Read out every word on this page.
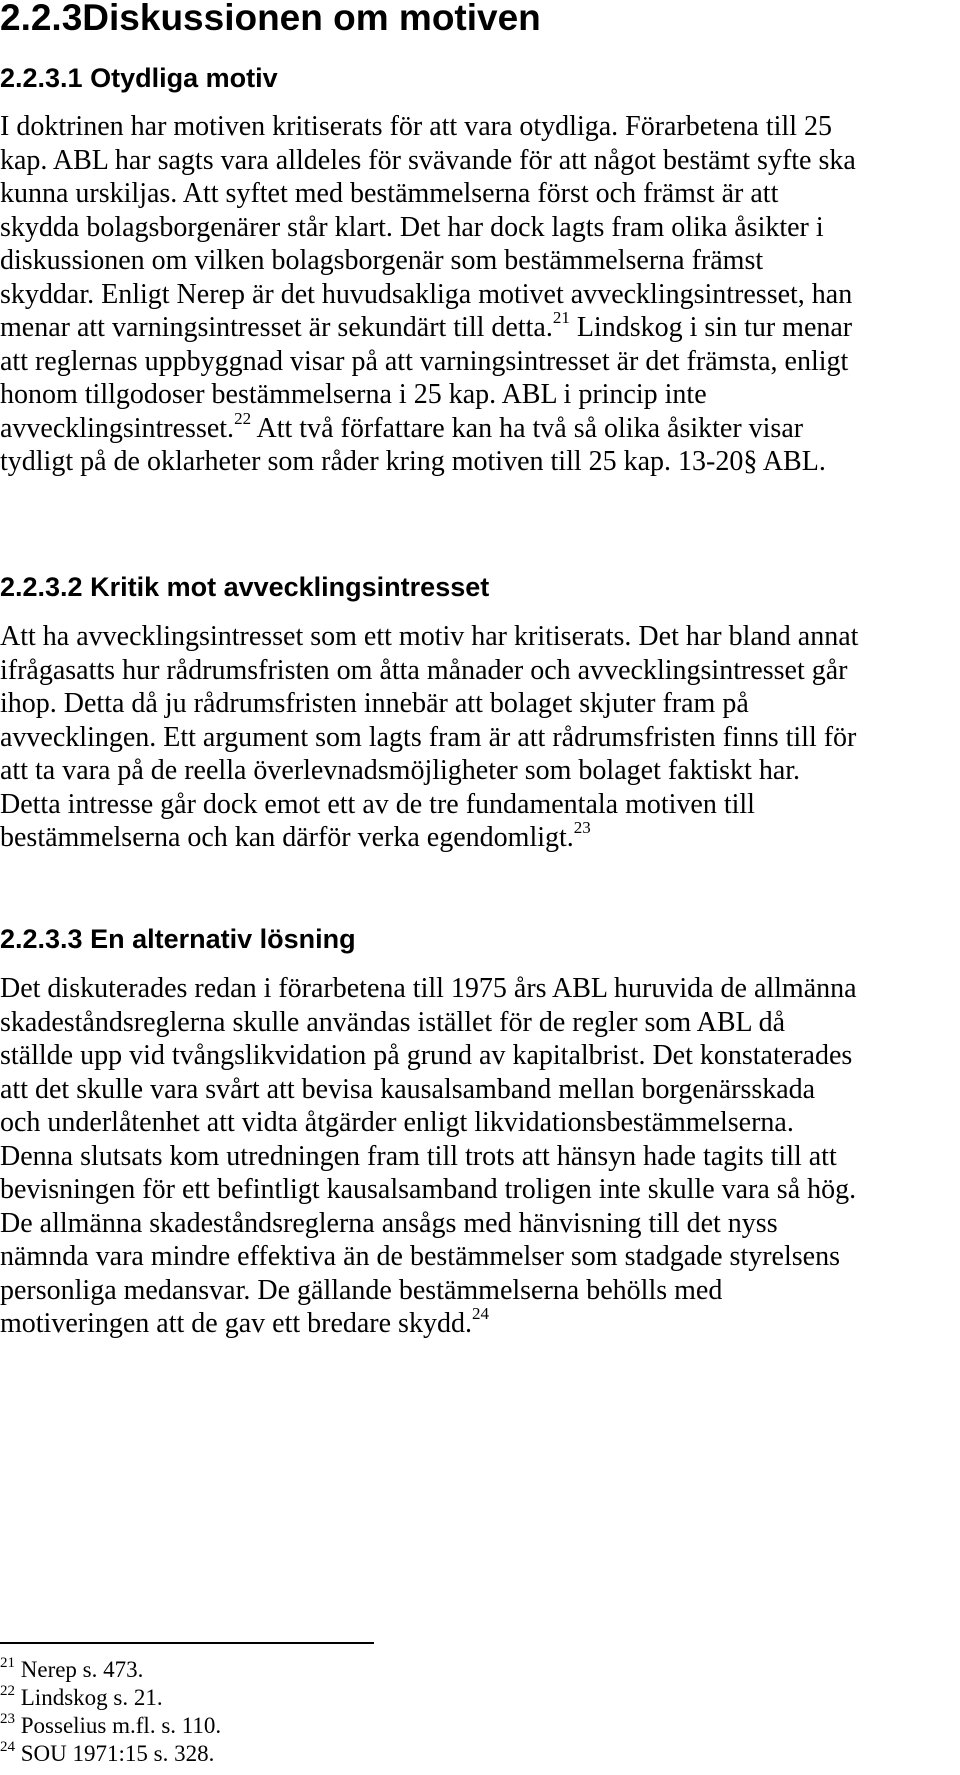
2.2.3Diskussionen om motiven
2.2.3.1 Otydliga motiv
I doktrinen har motiven kritiserats för att vara otydliga. Förarbetena till 25
kap. ABL har sagts vara alldeles för svävande för att något bestämt syfte ska
kunna urskiljas. Att syftet med bestämmelserna först och främst är att
skydda bolagsborgenärer står klart. Det har dock lagts fram olika åsikter i
diskussionen om vilken bolagsborgenär som bestämmelserna främst
skyddar. Enligt Nerep är det huvudsakliga motivet avvecklingsintresset, han
menar att varningsintresset är sekundärt till detta.$^{21}$ Lindskog i sin tur menar
att reglernas uppbyggnad visar på att varningsintresset är det främsta, enligt
honom tillgodoser bestämmelserna i 25 kap. ABL i princip inte
avvecklingsintresset.$^{22}$ Att två författare kan ha två så olika åsikter visar
tydligt på de oklarheter som råder kring motiven till 25 kap. 13-20§ ABL.
2.2.3.2 Kritik mot avvecklingsintresset
Att ha avvecklingsintresset som ett motiv har kritiserats. Det har bland annat
ifrågasatts hur rådrumsfristen om åtta månader och avvecklingsintresset går
ihop. Detta då ju rådrumsfristen innebär att bolaget skjuter fram på
avvecklingen. Ett argument som lagts fram är att rådrumsfristen finns till för
att ta vara på de reella överlevnadsmöjligheter som bolaget faktiskt har.
Detta intresse går dock emot ett av de tre fundamentala motiven till
bestämmelserna och kan därför verka egendomligt.$^{23}$
2.2.3.3 En alternativ lösning
Det diskuterades redan i förarbetena till 1975 års ABL huruvida de allmänna
skadeståndsreglerna skulle användas istället för de regler som ABL då
ställde upp vid tvångslikvidation på grund av kapitalbrist. Det konstaterades
att det skulle vara svårt att bevisa kausalsamband mellan borgenärsskada
och underlåtenhet att vidta åtgärder enligt likvidationsbestämmelserna.
Denna slutsats kom utredningen fram till trots att hänsyn hade tagits till att
bevisningen för ett befintligt kausalsamband troligen inte skulle vara så hög.
De allmänna skadeståndsreglerna ansågs med hänvisning till det nyss
nämnda vara mindre effektiva än de bestämmelser som stadgade styrelsens
personliga medansvar. De gällande bestämmelserna behölls med
motiveringen att de gav ett bredare skydd.$^{24}$
$^{21}$ Nerep s. 473.
$^{22}$ Lindskog s. 21.
$^{23}$ Posselius m.fl. s. 110.
$^{24}$ SOU 1971:15 s. 328.
